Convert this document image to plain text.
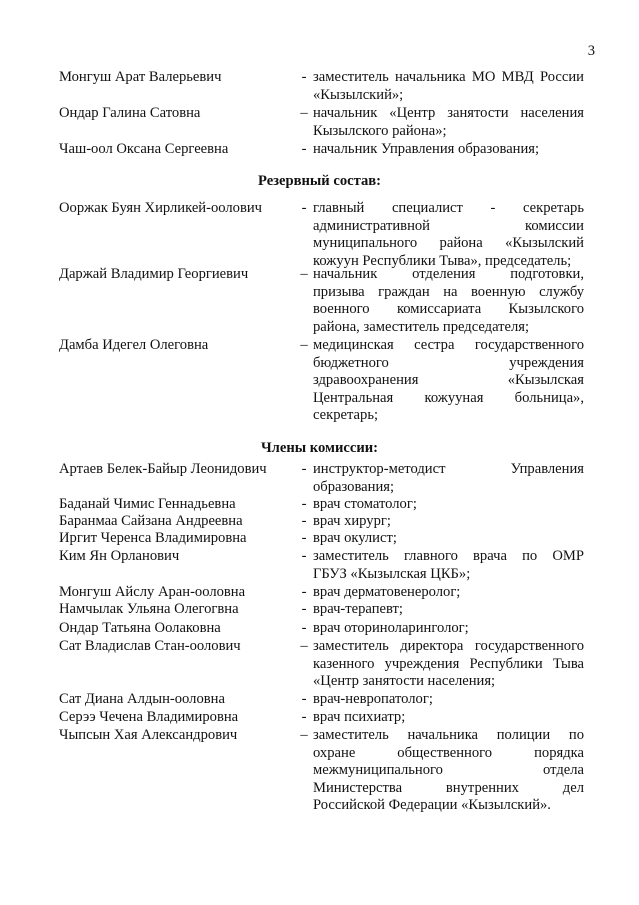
3
Монгуш Арат Валерьевич	- заместитель начальника МО МВД России
«Кызылский»;
Ондар Галина Сатовна	– начальник «Центр занятости населения
Кызылского района»;
Чаш-оол Оксана Сергеевна	- начальник Управления образования;
Резервный состав:
Ооржак Буян Хирликей-оолович	- главный специалист - секретарь
административной комиссии
муниципального района «Кызылский
кожуун Республики Тыва», председатель;
Даржай Владимир Георгиевич	– начальник отделения подготовки,
призыва граждан на военную службу
военного комиссариата Кызылского
района, заместитель председателя;
Дамба Идегел Олеговна	– медицинская сестра государственного
бюджетного учреждения
здравоохранения «Кызылская
Центральная кожууная больница»,
секретарь;
Члены комиссии:
Артаев Белек-Байыр Леонидович	- инструктор-методист Управления
образования;
Баданай Чимис Геннадьевна	- врач стоматолог;
Баранмаа Сайзана Андреевна	- врач хирург;
Иргит Черенса Владимировна	- врач окулист;
Ким Ян Орланович	- заместитель главного врача по ОМР
ГБУЗ «Кызылская ЦКБ»;
Монгуш Айслу Аран-ооловна	- врач дерматовенеролог;
Намчылак Ульяна Олегогвна	- врач-терапевт;
Ондар Татьяна Оолаковна	- врач оториноларинголог;
Сат Владислав Стан-оолович	– заместитель директора государственного
казенного учреждения Республики Тыва
«Центр занятости населения;
Сат Диана Алдын-ооловна	- врач-невропатолог;
Серээ Чечена Владимировна	- врач психиатр;
Чыпсын Хая Александрович	– заместитель начальника полиции по
охране общественного порядка
межмуниципального отдела
Министерства внутренних дел
Российской Федерации «Кызылский».
